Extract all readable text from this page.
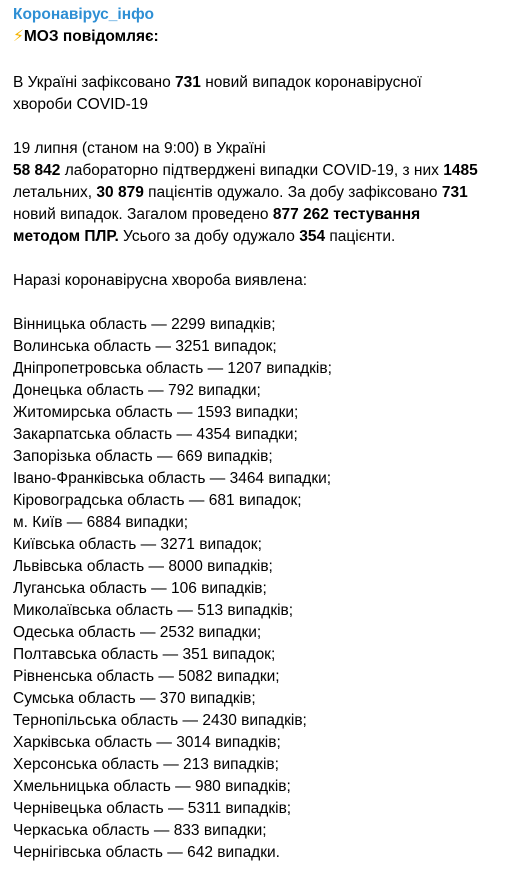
Коронавірус_інфо
⚡МОЗ повідомляє:
В Україні зафіксовано 731 новий випадок коронавірусної
хвороби COVID-19
19 липня (станом на 9:00) в Україні
58 842 лабораторно підтверджені випадки COVID-19, з них 1485
летальних, 30 879 пацієнтів одужало. За добу зафіксовано 731
новий випадок. Загалом проведено 877 262 тестування
методом ПЛР. Усього за добу одужало 354 пацієнти.
Наразі коронавірусна хвороба виявлена:
Вінницька область — 2299 випадків;
Волинська область — 3251 випадок;
Дніпропетровська область — 1207 випадків;
Донецька область — 792 випадки;
Житомирська область — 1593 випадки;
Закарпатська область — 4354 випадки;
Запорізька область — 669 випадків;
Івано-Франківська область — 3464 випадки;
Кіровоградська область — 681 випадок;
м. Київ — 6884 випадки;
Київська область — 3271 випадок;
Львівська область — 8000 випадків;
Луганська область — 106 випадків;
Миколаївська область — 513 випадків;
Одеська область — 2532 випадки;
Полтавська область — 351 випадок;
Рівненська область — 5082 випадки;
Сумська область — 370 випадків;
Тернопільська область — 2430 випадків;
Харківська область — 3014 випадків;
Херсонська область — 213 випадків;
Хмельницька область — 980 випадків;
Чернівецька область — 5311 випадків;
Черкаська область — 833 випадки;
Чернігівська область — 642 випадки.
